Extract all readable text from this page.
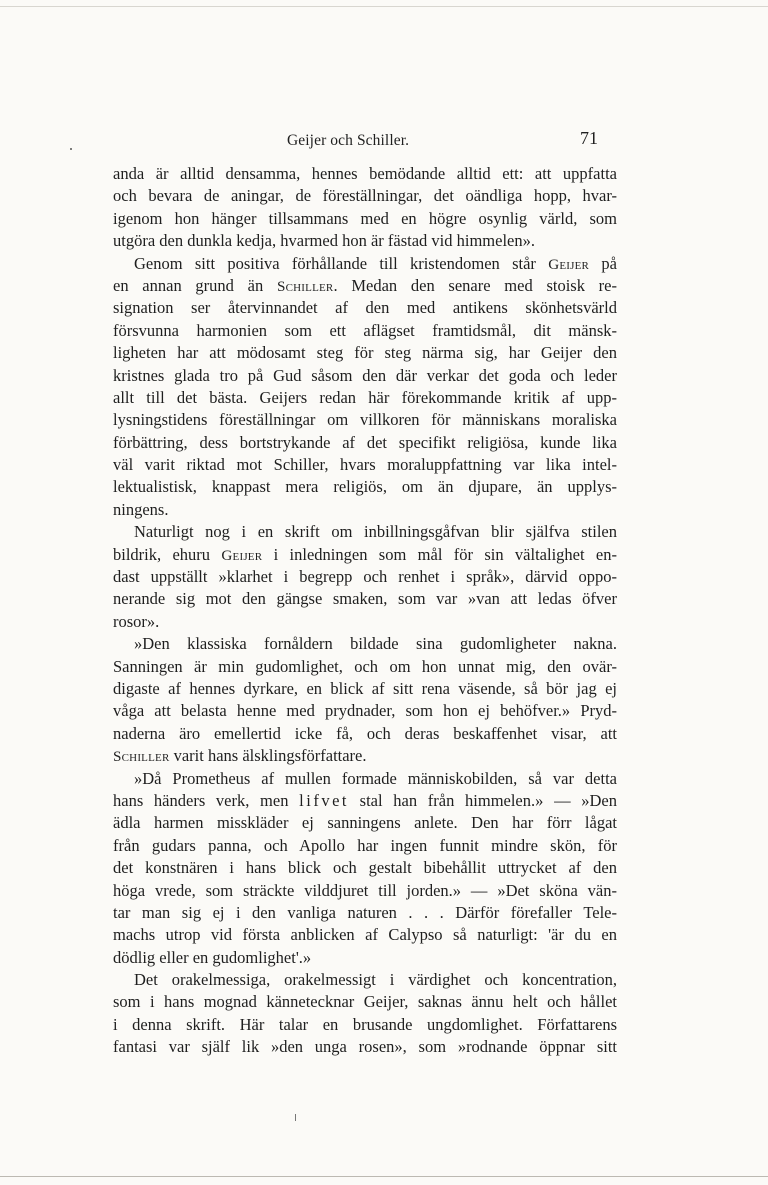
Geijer och Schiller.	71
anda är alltid densamma, hennes bemödande alltid ett: att uppfatta
och bevara de aningar, de föreställningar, det oändliga hopp, hvar-
igenom hon hänger tillsammans med en högre osynlig värld, som
utgöra den dunkla kedja, hvarmed hon är fästad vid himmelen».
Genom sitt positiva förhållande till kristendomen står Geijer på
en annan grund än Schiller. Medan den senare med stoisk re-
signation ser återvinnandet af den med antikens skönhetsvärld
försvunna harmonien som ett aflägset framtidsmål, dit mänsk-
ligheten har att mödosamt steg för steg närma sig, har Geijer den
kristnes glada tro på Gud såsom den där verkar det goda och leder
allt till det bästa. Geijers redan här förekommande kritik af upp-
lysningstidens föreställningar om villkoren för människans moraliska
förbättring, dess bortstrykande af det specifikt religiösa, kunde lika
väl varit riktad mot Schiller, hvars moraluppfattning var lika intel-
lektualistisk, knappast mera religiös, om än djupare, än upplys-
ningens.
Naturligt nog i en skrift om inbillningsgåfvan blir själfva stilen
bildrik, ehuru Geijer i inledningen som mål för sin vältalighet en-
dast uppställt »klarhet i begrepp och renhet i språk», därvid oppo-
nerande sig mot den gängse smaken, som var »van att ledas öfver
rosor».
»Den klassiska fornåldern bildade sina gudomligheter nakna.
Sanningen är min gudomlighet, och om hon unnat mig, den ovär-
digaste af hennes dyrkare, en blick af sitt rena väsende, så bör jag ej
våga att belasta henne med prydnader, som hon ej behöfver.» Pryd-
naderna äro emellertid icke få, och deras beskaffenhet visar, att
Schiller varit hans älsklingsförfattare.
»Då Prometheus af mullen formade människobilden, så var detta
hans händers verk, men lifvet stal han från himmelen.» — »Den
ädla harmen misskläder ej sanningens anlete. Den har förr lågat
från gudars panna, och Apollo har ingen funnit mindre skön, för
det konstnären i hans blick och gestalt bibehållit uttrycket af den
höga vrede, som sträckte vilddjuret till jorden.» — »Det sköna vän-
tar man sig ej i den vanliga naturen . . . Därför förefaller Tele-
machs utrop vid första anblicken af Calypso så naturligt: 'är du en
dödlig eller en gudomlighet'.»
Det orakelmessiga, orakelmessigt i värdighet och koncentration,
som i hans mognad kännetecknar Geijer, saknas ännu helt och hållet
i denna skrift. Här talar en brusande ungdomlighet. Författarens
fantasi var själf lik »den unga rosen», som »rodnande öppnar sitt
